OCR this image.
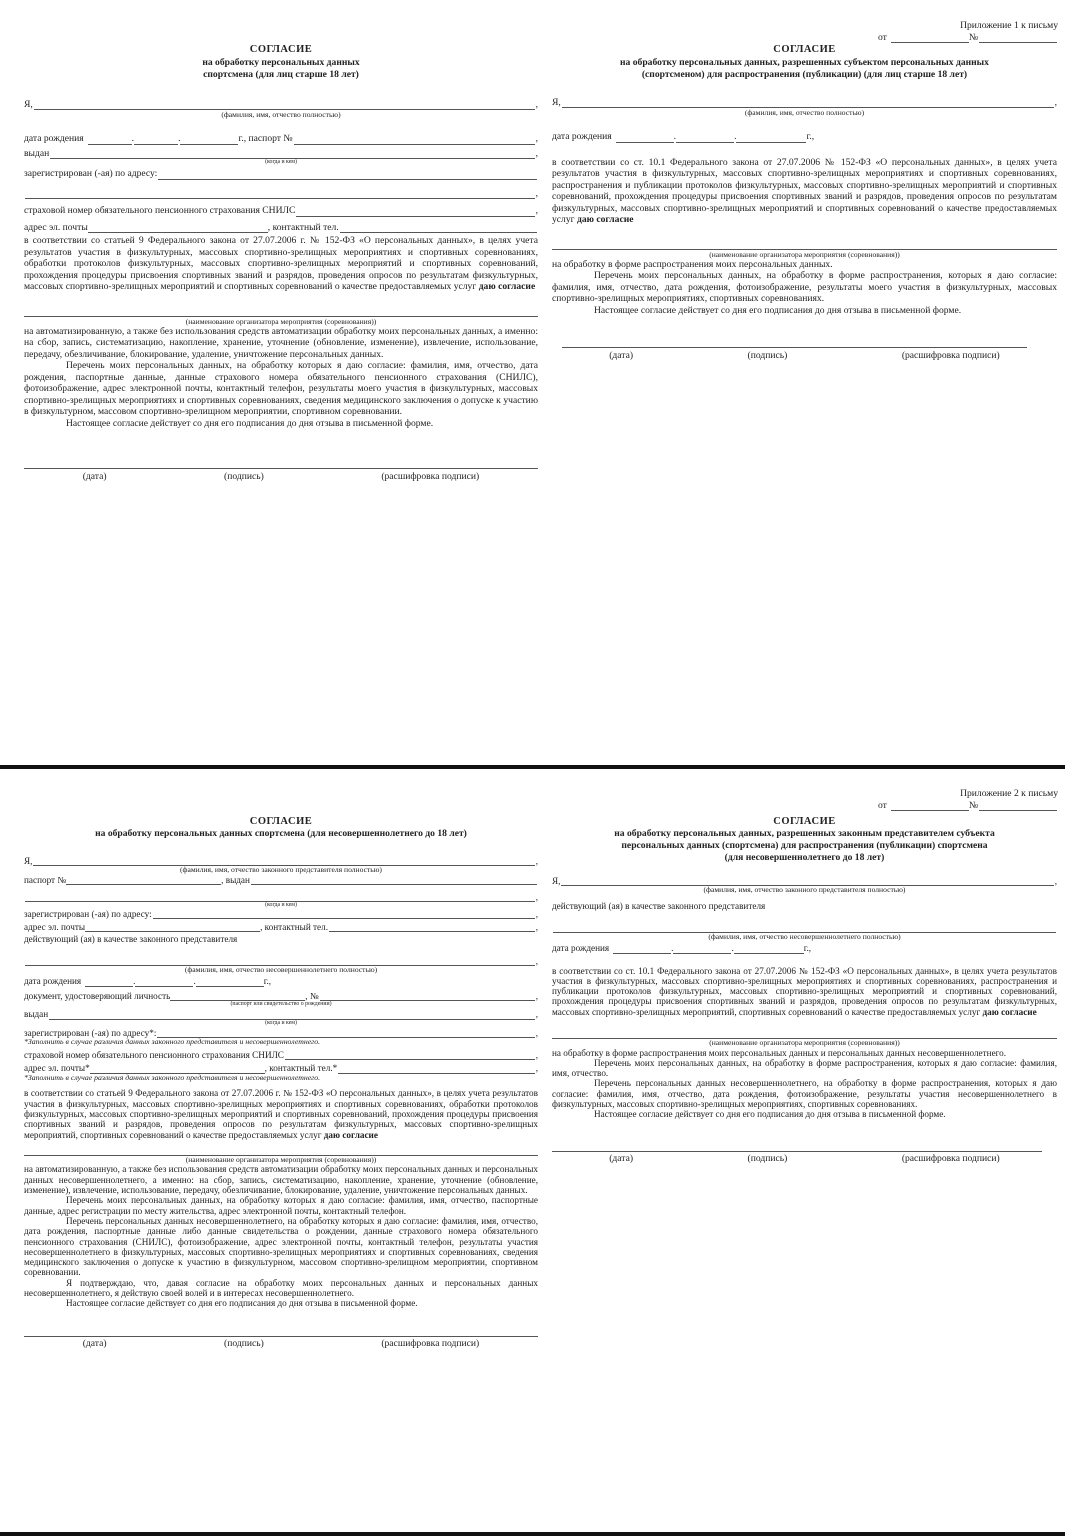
СОГЛАСИЕ

на обработку персональных данных

спортсмена (для лиц старше 18 лет)

Я,	,

(фамилия, имя, отчество полностью)

дата рождения	.	.	г., паспорт №	,
выдан	,

(когда и кем)

зарегистрирован (-ая) по адресу:
,
страховой номер обязательного пенсионного страхования СНИЛС	,
адрес эл. почты	, контактный тел.

в соответствии со статьей 9 Федерального закона от 27.07.2006 г. № 152-ФЗ «О персональных данных», в целях учета результатов участия в физкультурных, массовых спортивно-зрелищных мероприятиях и спортивных соревнованиях, обработки протоколов физкультурных, массовых спортивно-зрелищных мероприятий и спортивных соревнований, прохождения процедуры присвоения спортивных званий и разрядов, проведения опросов по результатам физкультурных, массовых спортивно-зрелищных мероприятий и спортивных соревнований о качестве предоставляемых услуг даю согласие

(наименование организатора мероприятия (соревнования))

на автоматизированную, а также без использования средств автоматизации обработку моих персональных данных, а именно: на сбор, запись, систематизацию, накопление, хранение, уточнение (обновление, изменение), извлечение, использование, передачу, обезличивание, блокирование, удаление, уничтожение персональных данных.

Перечень моих персональных данных, на обработку которых я даю согласие: фамилия, имя, отчество, дата рождения, паспортные данные, данные страхового номера обязательного пенсионного страхования (СНИЛС), фотоизображение, адрес электронной почты, контактный телефон, результаты моего участия в физкультурных, массовых спортивно-зрелищных мероприятиях и спортивных соревнованиях, сведения медицинского заключения о допуске к участию в физкультурном, массовом спортивно-зрелищном мероприятии, спортивном соревновании.

Настоящее согласие действует со дня его подписания до дня отзыва в письменной форме.

(дата)	(подпись)	(расшифровка подписи)

Приложение 1 к письму

от	№

СОГЛАСИЕ

на обработку персональных данных, разрешенных субъектом персональных данных

(спортсменом) для распространения (публикации) (для лиц старше 18 лет)

Я,	,

(фамилия, имя, отчество полностью)

дата рождения	.	.	г.,

в соответствии со ст. 10.1 Федерального закона от 27.07.2006 № 152-ФЗ «О персональных данных», в целях учета результатов участия в физкультурных, массовых спортивно-зрелищных мероприятиях и спортивных соревнованиях, распространения и публикации протоколов физкультурных, массовых спортивно-зрелищных мероприятий и спортивных соревнований, прохождения процедуры присвоения спортивных званий и разрядов, проведения опросов по результатам физкультурных, массовых спортивно-зрелищных мероприятий и спортивных соревнований о качестве предоставляемых услуг даю согласие

(наименование организатора мероприятия (соревнования))

на обработку в форме распространения моих персональных данных.

Перечень моих персональных данных, на обработку в форме распространения, которых я даю согласие: фамилия, имя, отчество, дата рождения, фотоизображение, результаты моего участия в физкультурных, массовых спортивно-зрелищных мероприятиях, спортивных соревнованиях.

Настоящее согласие действует со дня его подписания до дня отзыва в письменной форме.

(дата)	(подпись)	(расшифровка подписи)

СОГЛАСИЕ

на обработку персональных данных спортсмена (для несовершеннолетнего до 18 лет)

Я,	,

(фамилия, имя, отчество законного представителя полностью)

паспорт №	, выдан
,

(когда и кем)

зарегистрирован (-ая) по адресу:	,
адрес эл. почты	, контактный тел.	,

действующий (ая) в качестве законного представителя

,

(фамилия, имя, отчество несовершеннолетнего полностью)

дата рождения	.	.	г.,
документ, удостоверяющий личность	, №	,

(паспорт или свидетельство о рождении)

выдан	,

(когда и кем)

зарегистрирован (-ая) по адресу*:	,

*Заполнить в случае различия данных законного представителя и несовершеннолетнего.

страховой номер обязательного пенсионного страхования СНИЛС	,
адрес эл. почты*	, контактный тел.*	,

*Заполнить в случае различия данных законного представителя и несовершеннолетнего.

в соответствии со статьей 9 Федерального закона от 27.07.2006 г. № 152-ФЗ «О персональных данных», в целях учета результатов участия в физкультурных, массовых спортивно-зрелищных мероприятиях и спортивных соревнованиях, обработки протоколов физкультурных, массовых спортивно-зрелищных мероприятий и спортивных соревнований, прохождения процедуры присвоения спортивных званий и разрядов, проведения опросов по результатам физкультурных, массовых спортивно-зрелищных мероприятий, спортивных соревнований о качестве предоставляемых услуг даю согласие

(наименование организатора мероприятия (соревнования))

на автоматизированную, а также без использования средств автоматизации обработку моих персональных данных и персональных данных несовершеннолетнего, а именно: на сбор, запись, систематизацию, накопление, хранение, уточнение (обновление, изменение), извлечение, использование, передачу, обезличивание, блокирование, удаление, уничтожение персональных данных.

Перечень моих персональных данных, на обработку которых я даю согласие: фамилия, имя, отчество, паспортные данные, адрес регистрации по месту жительства, адрес электронной почты, контактный телефон.

Перечень персональных данных несовершеннолетнего, на обработку которых я даю согласие: фамилия, имя, отчество, дата рождения, паспортные данные либо данные свидетельства о рождении, данные страхового номера обязательного пенсионного страхования (СНИЛС), фотоизображение, адрес электронной почты, контактный телефон, результаты участия несовершеннолетнего в физкультурных, массовых спортивно-зрелищных мероприятиях и спортивных соревнованиях, сведения медицинского заключения о допуске к участию в физкультурном, массовом спортивно-зрелищном мероприятии, спортивном соревновании.

Я подтверждаю, что, давая согласие на обработку моих персональных данных и персональных данных несовершеннолетнего, я действую своей волей и в интересах несовершеннолетнего.

Настоящее согласие действует со дня его подписания до дня отзыва в письменной форме.

(дата)	(подпись)	(расшифровка подписи)

Приложение 2 к письму

от	№

СОГЛАСИЕ

на обработку персональных данных, разрешенных законным представителем субъекта

персональных данных (спортсмена) для распространения (публикации) спортсмена

(для несовершеннолетнего до 18 лет)

Я,	,

(фамилия, имя, отчество законного представителя полностью)

действующий (ая) в качестве законного представителя

(фамилия, имя, отчество несовершеннолетнего полностью)

дата рождения	.	.	г.,

в соответствии со ст. 10.1 Федерального закона от 27.07.2006 № 152-ФЗ «О персональных данных», в целях учета результатов участия в физкультурных, массовых спортивно-зрелищных мероприятиях и спортивных соревнованиях, распространения и публикации протоколов физкультурных, массовых спортивно-зрелищных мероприятий и спортивных соревнований, прохождения процедуры присвоения спортивных званий и разрядов, проведения опросов по результатам физкультурных, массовых спортивно-зрелищных мероприятий, спортивных соревнований о качестве предоставляемых услуг даю согласие

(наименование организатора мероприятия (соревнования))

на обработку в форме распространения моих персональных данных и персональных данных несовершеннолетнего.

Перечень моих персональных данных, на обработку в форме распространения, которых я даю согласие: фамилия, имя, отчество.

Перечень персональных данных несовершеннолетнего, на обработку в форме распространения, которых я даю согласие: фамилия, имя, отчество, дата рождения, фотоизображение, результаты участия несовершеннолетнего в физкультурных, массовых спортивно-зрелищных мероприятиях, спортивных соревнованиях.

Настоящее согласие действует со дня его подписания до дня отзыва в письменной форме.

(дата)	(подпись)	(расшифровка подписи)
